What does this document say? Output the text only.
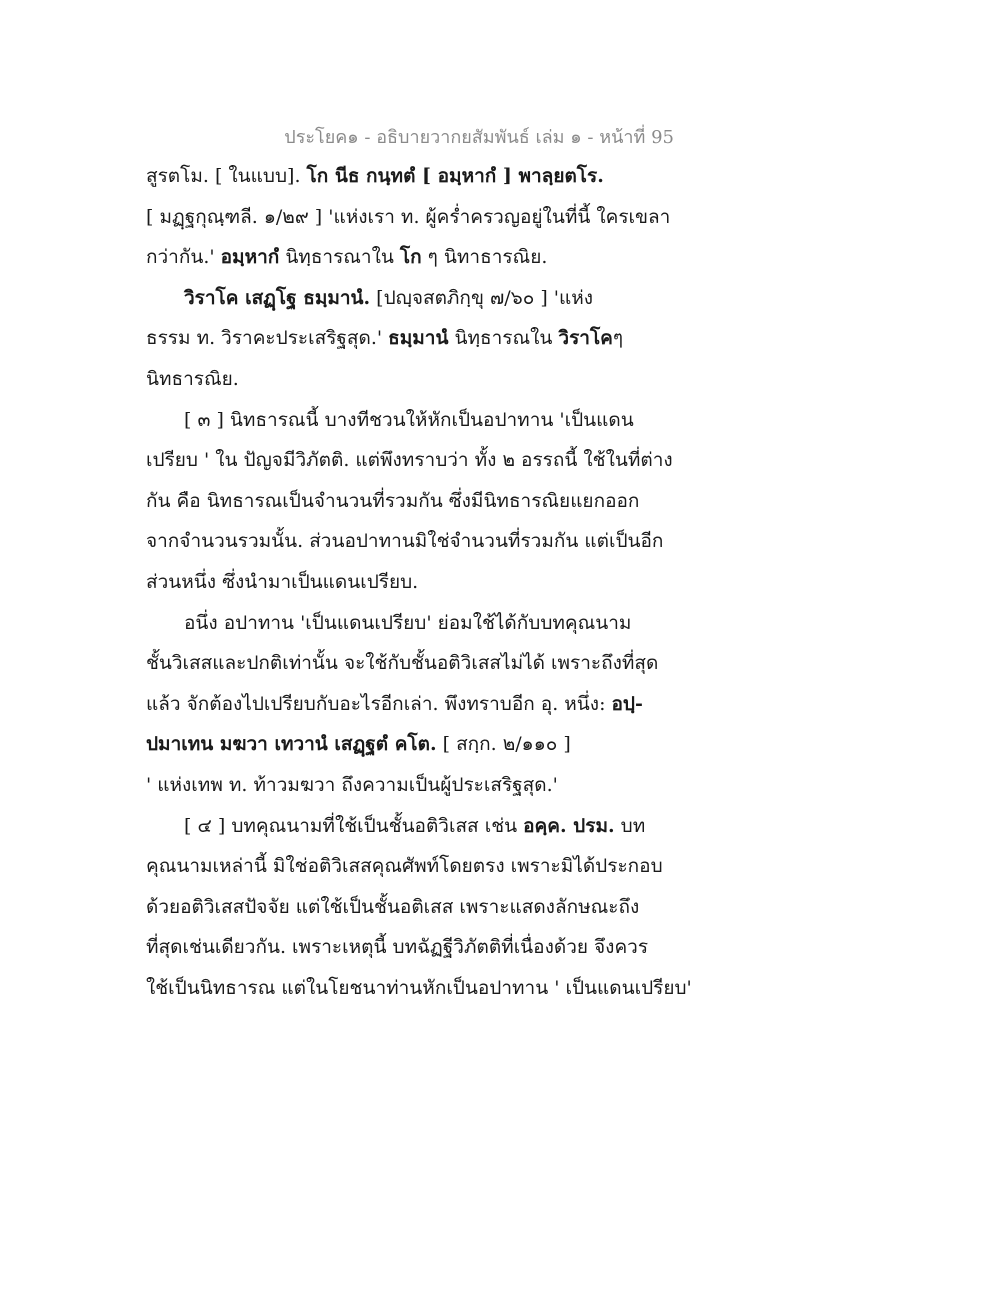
ประโยค๑ - อธิบายวากยสัมพันธ์ เล่ม ๑ - หน้าที่ 95
สูรตโม. [ ในแบบ]. โก นีธ กนฺทตํ [ อมฺหากํ ] พาลฺยตโร.
[ มฏฺฐกุณฺฑลี. ๑/๒๙ ] 'แห่งเรา ท. ผู้คร่ำครวญอยู่ในที่นี้ ใครเขลา
กว่ากัน.' อมฺหากํ นิทฺธารณาใน โก ๆ นิทาธารณิย.
วิราโค เสฏฺโฐ ธมฺมานํ. [ปญฺจสตภิกฺขุ ๗/๖๐ ] 'แห่ง
ธรรม ท. วิราคะประเสริฐสุด.' ธมฺมานํ นิทฺธารณใน วิราโคๆ
นิทธารณิย.
[ ๓ ] นิทธารณนี้ บางทีชวนให้หักเป็นอปาทาน 'เป็นแดน
เปรียบ ' ใน ปัญจมีวิภัตติ. แต่พึงทราบว่า ทั้ง ๒ อรรถนี้ ใช้ในที่ต่าง
กัน คือ นิทธารณเป็นจำนวนที่รวมกัน ซึ่งมีนิทธารณิยแยกออก
จากจำนวนรวมนั้น. ส่วนอปาทานมิใช่จำนวนที่รวมกัน แต่เป็นอีก
ส่วนหนึ่ง ซึ่งนำมาเป็นแดนเปรียบ.
อนึ่ง อปาทาน 'เป็นแดนเปรียบ' ย่อมใช้ได้กับบทคุณนาม
ชั้นวิเสสและปกติเท่านั้น จะใช้กับชั้นอติวิเสสไม่ได้ เพราะถึงที่สุด
แล้ว จักต้องไปเปรียบกับอะไรอีกเล่า. พึงทราบอีก อุ. หนึ่ง: อปฺ-
ปมาเทน มฆวา เทวานํ เสฏฺฐตํ คโต. [ สกฺก. ๒/๑๑๐ ]
' แห่งเทพ ท. ท้าวมฆวา ถึงความเป็นผู้ประเสริฐสุด.'
[ ๔ ] บทคุณนามที่ใช้เป็นชั้นอติวิเสส เช่น อคฺค. ปรม. บท
คุณนามเหล่านี้ มิใช่อติวิเสสคุณศัพท์โดยตรง เพราะมิได้ประกอบ
ด้วยอติวิเสสปัจจัย แต่ใช้เป็นชั้นอติเสส เพราะแสดงลักษณะถึง
ที่สุดเช่นเดียวกัน. เพราะเหตุนี้ บทฉัฏฐีวิภัตติที่เนื่องด้วย จึงควร
ใช้เป็นนิทธารณ แต่ในโยชนาท่านหักเป็นอปาทาน ' เป็นแดนเปรียบ'
